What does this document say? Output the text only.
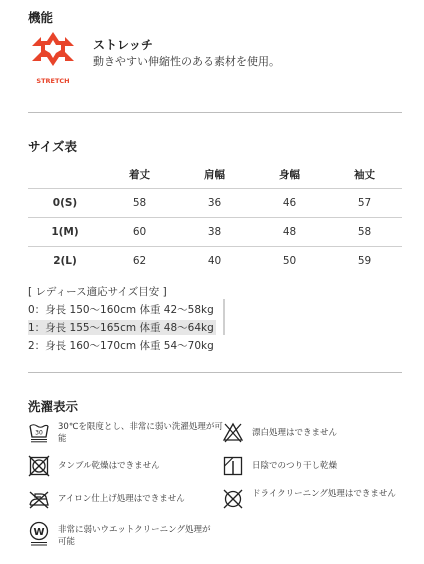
機能
STRETCH
ストレッチ
動きやすい伸縮性のある素材を使用。
サイズ表
	着丈	肩幅	身幅	袖丈
0(S)	58	36	46	57
1(M)	60	38	48	58
2(L)	62	40	50	59
[ レディース適応サイズ目安 ]
0：身長 150～160cm 体重 42～58kg
1：身長 155～165cm 体重 48～64kg
2：身長 160～170cm 体重 54～70kg
洗濯表示
30
30℃を限度とし、非常に弱い洗濯処理が可能
漂白処理はできません
タンブル乾燥はできません	日陰でのつり干し乾燥
アイロン仕上げ処理はできません	ドライクリーニング処理はできません
W 非常に弱いウエットクリーニング処理が可能
